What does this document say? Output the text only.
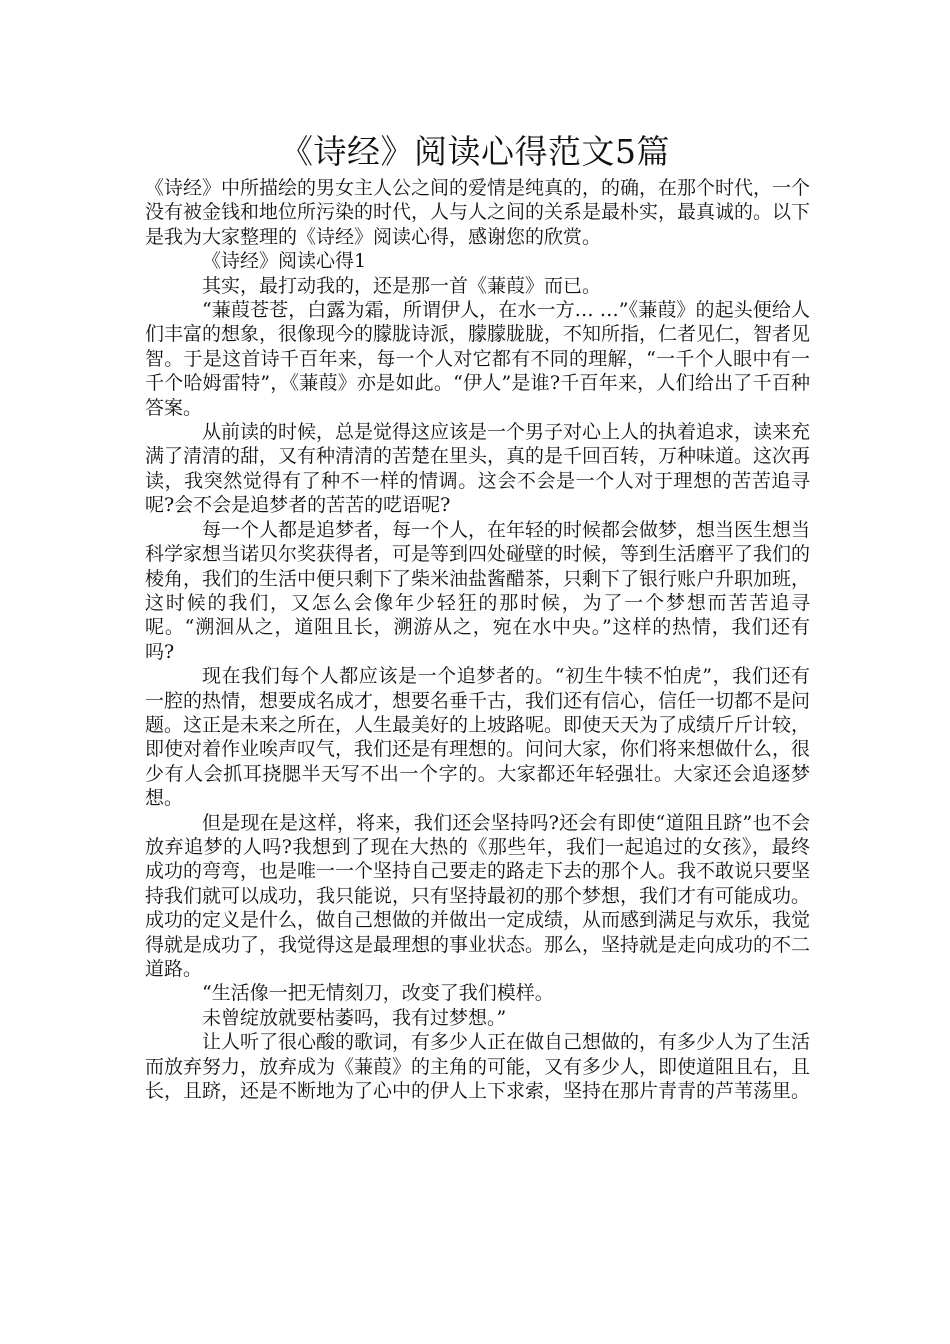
《诗经》阅读心得范文5篇

《诗经》中所描绘的男女主人公之间的爱情是纯真的，的确，在那个时代，一个没有被金钱和地位所污染的时代，人与人之间的关系是最朴实，最真诚的。以下是我为大家整理的《诗经》阅读心得，感谢您的欣赏。

《诗经》阅读心得1

其实，最打动我的，还是那一首《蒹葭》而已。

“蒹葭苍苍，白露为霜，所谓伊人，在水一方… …”《蒹葭》的起头便给人们丰富的想象，很像现今的朦胧诗派，朦朦胧胧，不知所指，仁者见仁，智者见智。于是这首诗千百年来，每一个人对它都有不同的理解，“一千个人眼中有一千个哈姆雷特”，《蒹葭》亦是如此。“伊人”是谁?千百年来，人们给出了千百种答案。

从前读的时候，总是觉得这应该是一个男子对心上人的执着追求，读来充满了清清的甜，又有种清清的苦楚在里头，真的是千回百转，万种味道。这次再读，我突然觉得有了种不一样的情调。这会不会是一个人对于理想的苦苦追寻呢?会不会是追梦者的苦苦的呓语呢?

每一个人都是追梦者，每一个人，在年轻的时候都会做梦，想当医生想当科学家想当诺贝尔奖获得者，可是等到四处碰壁的时候，等到生活磨平了我们的棱角，我们的生活中便只剩下了柴米油盐酱醋茶，只剩下了银行账户升职加班，这时候的我们，又怎么会像年少轻狂的那时候，为了一个梦想而苦苦追寻呢。“溯洄从之，道阻且长，溯游从之，宛在水中央。”这样的热情，我们还有吗?

现在我们每个人都应该是一个追梦者的。“初生牛犊不怕虎”，我们还有一腔的热情，想要成名成才，想要名垂千古，我们还有信心，信任一切都不是问题。这正是未来之所在，人生最美好的上坡路呢。即使天天为了成绩斤斤计较，即使对着作业唉声叹气，我们还是有理想的。问问大家，你们将来想做什么，很少有人会抓耳挠腮半天写不出一个字的。大家都还年轻强壮。大家还会追逐梦想。

但是现在是这样，将来，我们还会坚持吗?还会有即使“道阻且跻”也不会放弃追梦的人吗?我想到了现在大热的《那些年，我们一起追过的女孩》，最终成功的弯弯，也是唯一一个坚持自己要走的路走下去的那个人。我不敢说只要坚持我们就可以成功，我只能说，只有坚持最初的那个梦想，我们才有可能成功。成功的定义是什么，做自己想做的并做出一定成绩，从而感到满足与欢乐，我觉得就是成功了，我觉得这是最理想的事业状态。那么，坚持就是走向成功的不二道路。

“生活像一把无情刻刀，改变了我们模样。

未曾绽放就要枯萎吗，我有过梦想。”

让人听了很心酸的歌词，有多少人正在做自己想做的，有多少人为了生活而放弃努力，放弃成为《蒹葭》的主角的可能，又有多少人，即使道阻且右，且长，且跻，还是不断地为了心中的伊人上下求索，坚持在那片青青的芦苇荡里。
